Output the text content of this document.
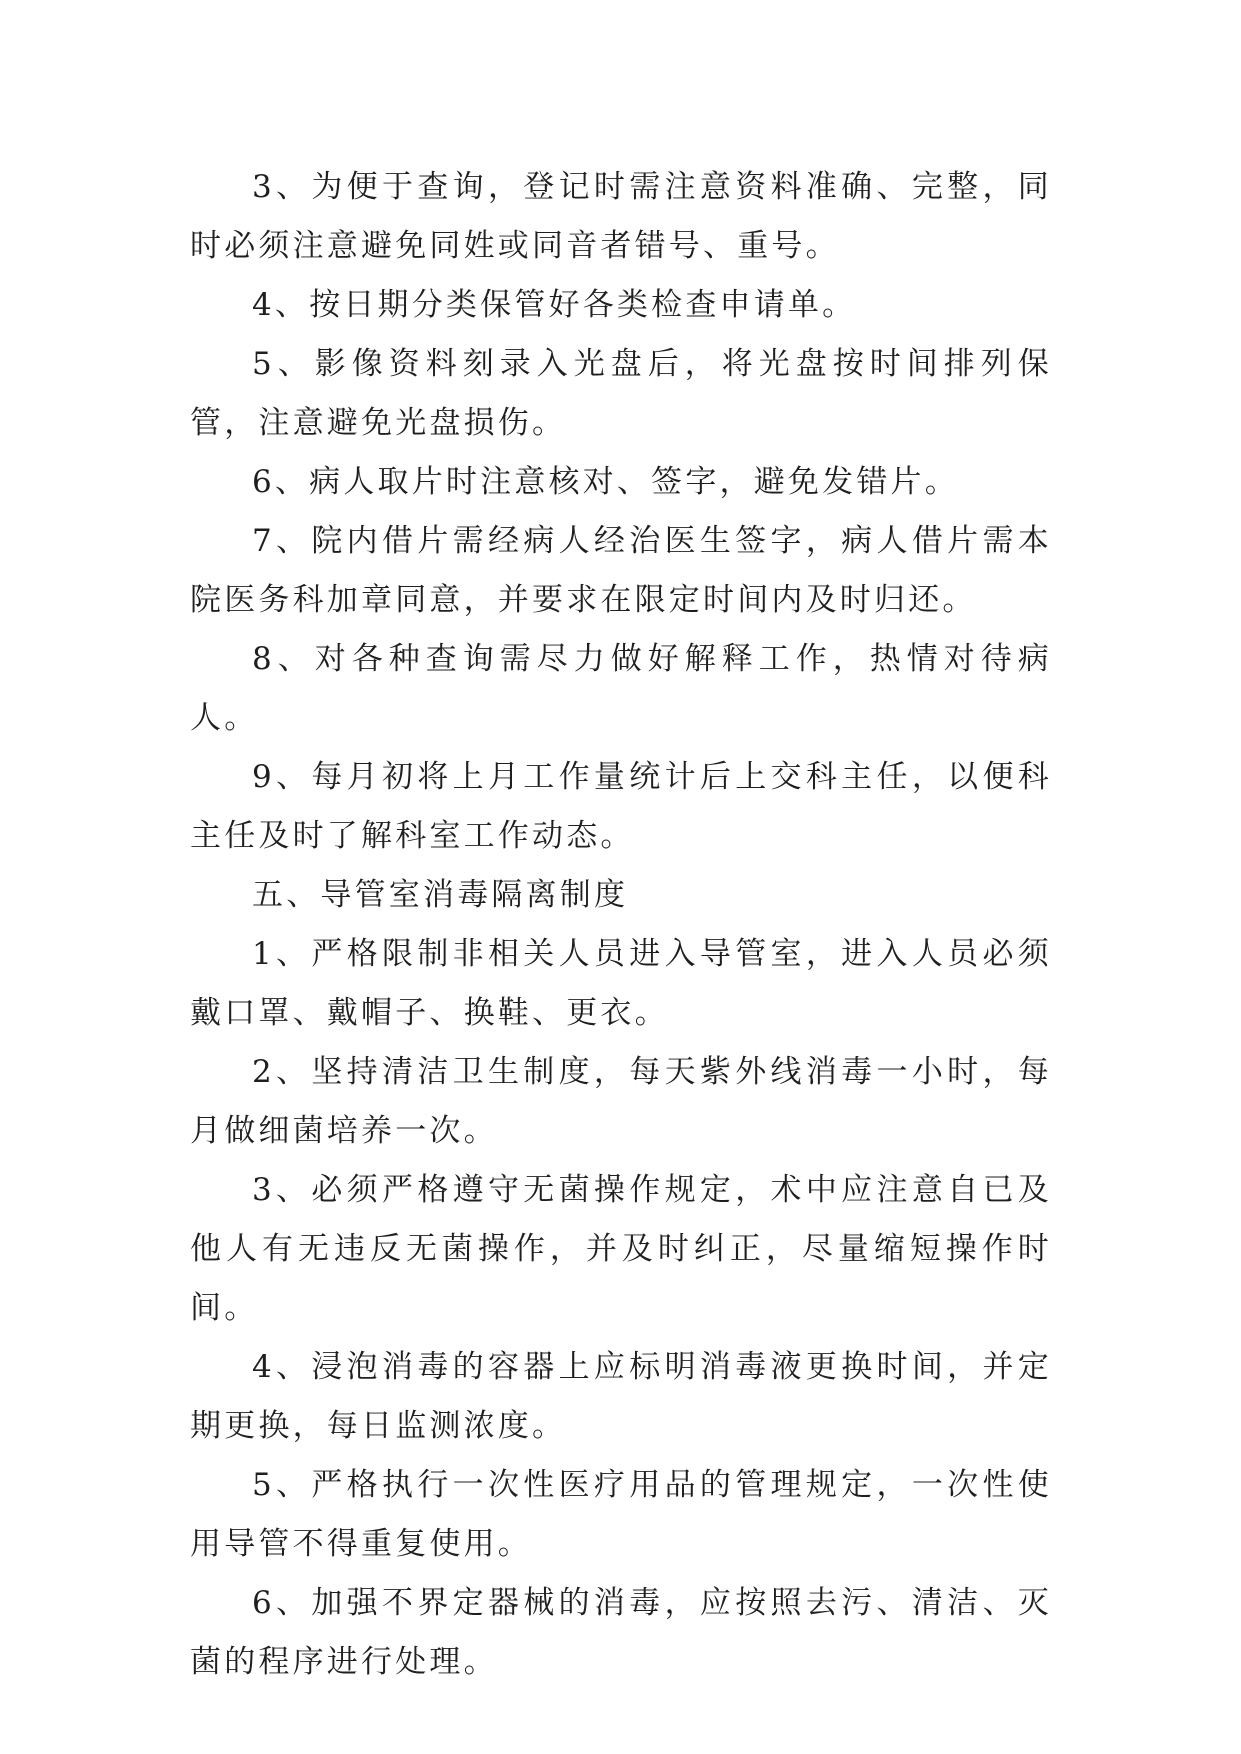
3、为便于查询，登记时需注意资料准确、完整，同时必须注意避免同姓或同音者错号、重号。

4、按日期分类保管好各类检查申请单。

5、影像资料刻录入光盘后，将光盘按时间排列保管，注意避免光盘损伤。

6、病人取片时注意核对、签字，避免发错片。

7、院内借片需经病人经治医生签字，病人借片需本院医务科加章同意，并要求在限定时间内及时归还。

8、对各种查询需尽力做好解释工作，热情对待病人。

9、每月初将上月工作量统计后上交科主任，以便科主任及时了解科室工作动态。

五、导管室消毒隔离制度

1、严格限制非相关人员进入导管室，进入人员必须戴口罩、戴帽子、换鞋、更衣。

2、坚持清洁卫生制度，每天紫外线消毒一小时，每月做细菌培养一次。

3、必须严格遵守无菌操作规定，术中应注意自已及他人有无违反无菌操作，并及时纠正，尽量缩短操作时间。

4、浸泡消毒的容器上应标明消毒液更换时间，并定期更换，每日监测浓度。

5、严格执行一次性医疗用品的管理规定，一次性使用导管不得重复使用。

6、加强不界定器械的消毒，应按照去污、清洁、灭菌的程序进行处理。
